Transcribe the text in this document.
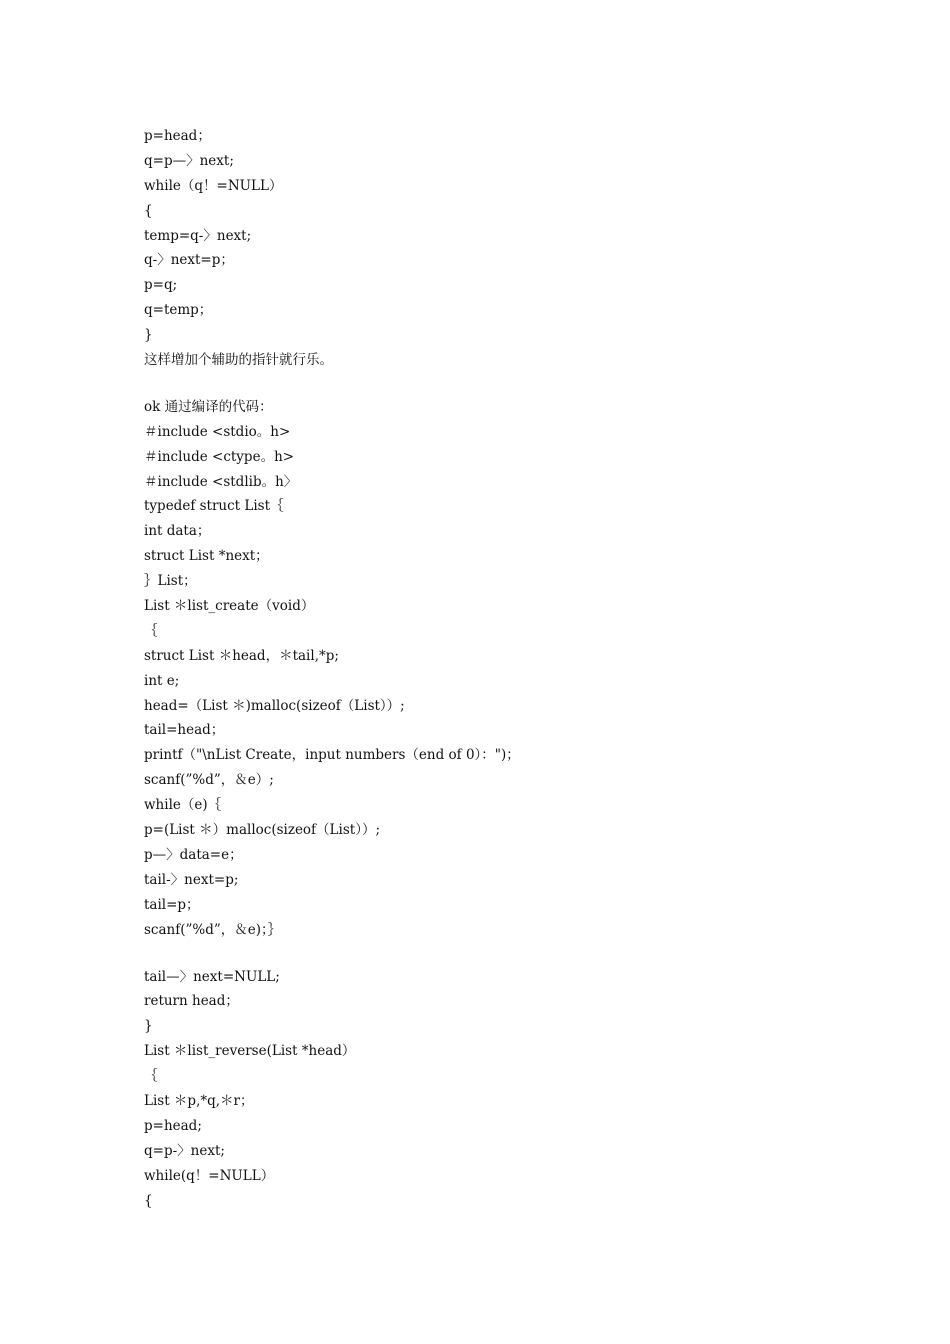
p=head；
q=p—〉next;
while（q！=NULL）
{
temp=q-〉next;
q-〉next=p；
p=q;
q=temp；
}
这样增加个辅助的指针就行乐。
ok 通过编译的代码：
＃include <stdio。h>
＃include <ctype。h>
＃include <stdlib。h〉
typedef struct List｛
int data；
struct List *next；
｝List；
List ＊list_create（void）
｛
struct List ＊head，＊tail,*p;
int e;
head=（List ＊)malloc(sizeof（List））;
tail=head；
printf（"\nList Create，input numbers（end of 0）：")；
scanf(”%d”，＆e）;
while（e)｛
p=(List ＊）malloc(sizeof（List））;
p—〉data=e；
tail-〉next=p;
tail=p；
scanf(”%d”，＆e)；｝
tail—〉next=NULL;
return head；
}
List ＊list_reverse(List *head）
｛
List ＊p,*q,＊r；
p=head;
q=p-〉next;
while(q！=NULL）
{
